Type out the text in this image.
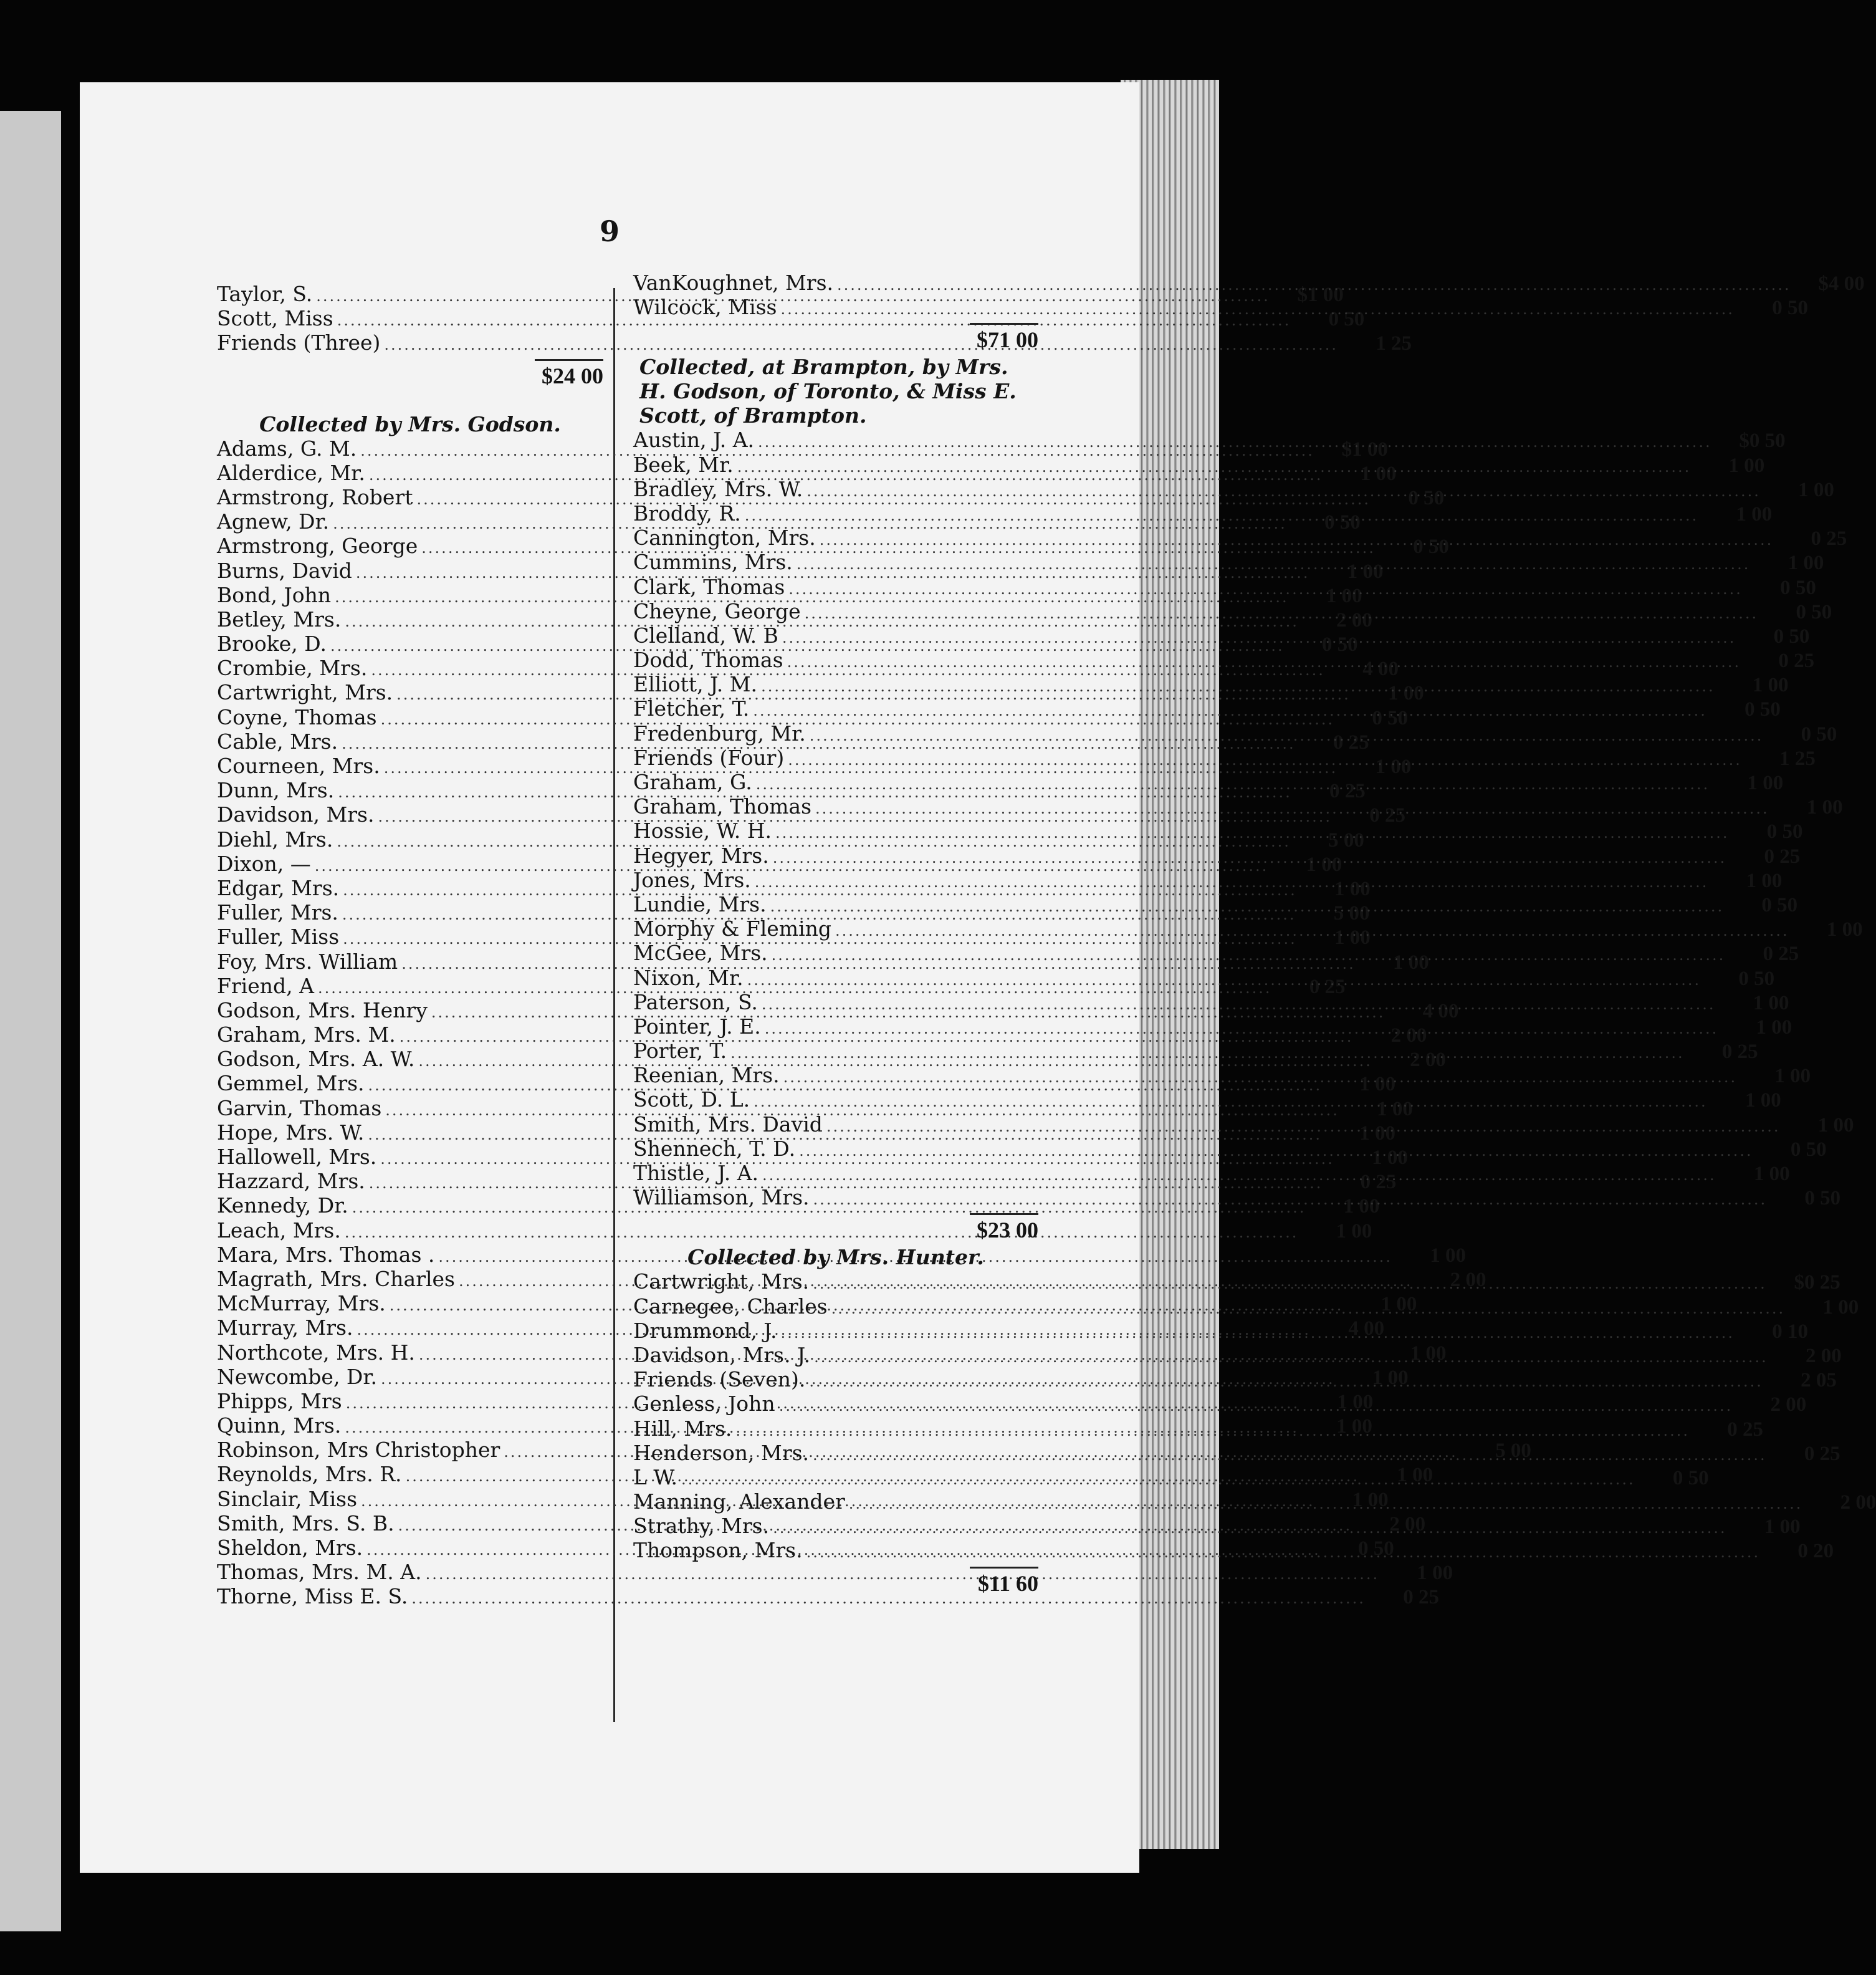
9
Taylor, S. .....	$1 00
Scott, Miss .....	0 50
Friends (Three) .....	1 25
$24 00
Collected by Mrs. Godson.
Adams, G. M. .....	$1 00
Alderdice, Mr. .....	1 00
Armstrong, Robert .....	0 50
Agnew, Dr. .....	0 50
Armstrong, George .....	0 50
Burns, David .....	1 00
Bond, John .....	1 00
Betley, Mrs. .....	2 00
Brooke, D. .....	0 50
Crombie, Mrs. .....	4 00
Cartwright, Mrs. .....	1 00
Coyne, Thomas .....	0 50
Cable, Mrs. .....	0 25
Courneen, Mrs. .....	1 00
Dunn, Mrs. .....	0 25
Davidson, Mrs. .....	0 25
Diehl, Mrs. .....	5 00
Dixon, — .....	1 00
Edgar, Mrs. .....	1 00
Fuller, Mrs. .....	5 00
Fuller, Miss .....	1 00
Foy, Mrs. William .....	1 00
Friend, A .....	0 25
Godson, Mrs. Henry .....	4 00
Graham, Mrs. M. .....	2 00
Godson, Mrs. A. W. .....	2 00
Gemmel, Mrs. .....	1 00
Garvin, Thomas .....	1 00
Hope, Mrs. W. .....	1 00
Hallowell, Mrs. .....	1 00
Hazzard, Mrs. .....	0 25
Kennedy, Dr. .....	1 00
Leach, Mrs. .....	1 00
Mara, Mrs. Thomas . .....	1 00
Magrath, Mrs. Charles .....	2 00
McMurray, Mrs. .....	1 00
Murray, Mrs. .....	4 00
Northcote, Mrs. H. .....	1 00
Newcombe, Dr. .....	1 00
Phipps, Mrs .....	1 00
Quinn, Mrs. .....	1 00
Robinson, Mrs Christopher .....	5 00
Reynolds, Mrs. R. .....	1 00
Sinclair, Miss .....	1 00
Smith, Mrs. S. B. .....	2 00
Sheldon, Mrs. .....	0 50
Thomas, Mrs. M. A. .....	1 00
Thorne, Miss E. S. .....	0 25
VanKoughnet, Mrs. .....	$4 00
Wilcock, Miss .....	0 50
$71 00
Collected, at Brampton, by Mrs. H. Godson, of Toronto, & Miss E. Scott, of Brampton.
Austin, J. A. .....	$0 50
Beek, Mr. .....	1 00
Bradley, Mrs. W. .....	1 00
Broddy, R. .....	1 00
Cannington, Mrs. .....	0 25
Cummins, Mrs. .....	1 00
Clark, Thomas .....	0 50
Cheyne, George .....	0 50
Clelland, W. B .....	0 50
Dodd, Thomas .....	0 25
Elliott, J. M. .....	1 00
Fletcher, T. .....	0 50
Fredenburg, Mr. .....	0 50
Friends (Four) .....	1 25
Graham, G. .....	1 00
Graham, Thomas .....	1 00
Hossie, W. H. .....	0 50
Hegyer, Mrs. .....	0 25
Jones, Mrs. .....	1 00
Lundie, Mrs. .....	0 50
Morphy & Fleming .....	1 00
McGee, Mrs. .....	0 25
Nixon, Mr. .....	0 50
Paterson, S. .....	1 00
Pointer, J. E. .....	1 00
Porter, T. .....	0 25
Reenian, Mrs. .....	1 00
Scott, D. L. .....	1 00
Smith, Mrs. David .....	1 00
Shennech, T. D. .....	0 50
Thistle, J. A. .....	1 00
Williamson, Mrs. .....	0 50
$23 00
Collected by Mrs. Hunter.
Cartwright, Mrs. .....	$0 25
Carnegee, Charles .....	1 00
Drummond, J. .....	0 10
Davidson, Mrs. J. .....	2 00
Friends (Seven). .....	2 05
Genless, John .....	2 00
Hill, Mrs. .....	0 25
Henderson, Mrs. .....	0 25
L W. .....	0 50
Manning, Alexander .....	2 00
Strathy, Mrs. .....	1 00
Thompson, Mrs. .....	0 20
$11 60
